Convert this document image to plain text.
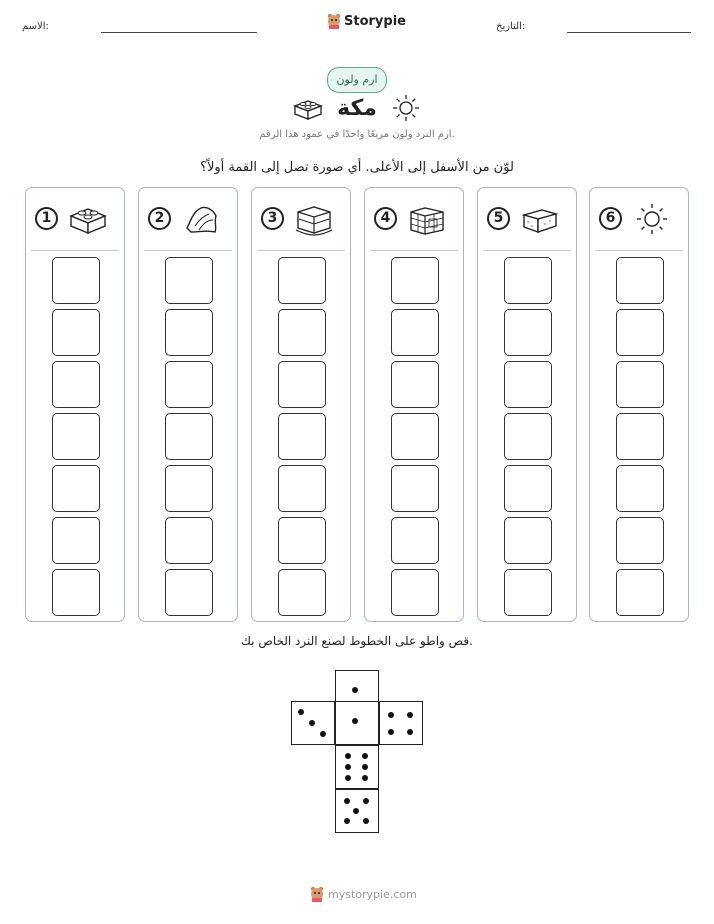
الاسم:	Storypie	التاريخ:
ارم ولون
مكة
ارم النرد ولون مربعًا واحدًا في عمود هذا الرقم.
لوّن من الأسفل إلى الأعلى. أي صورة تصل إلى القمة أولاً؟
1	2	3	4	5	6
قص واطو على الخطوط لصنع النرد الخاص بك.
mystorypie.com
